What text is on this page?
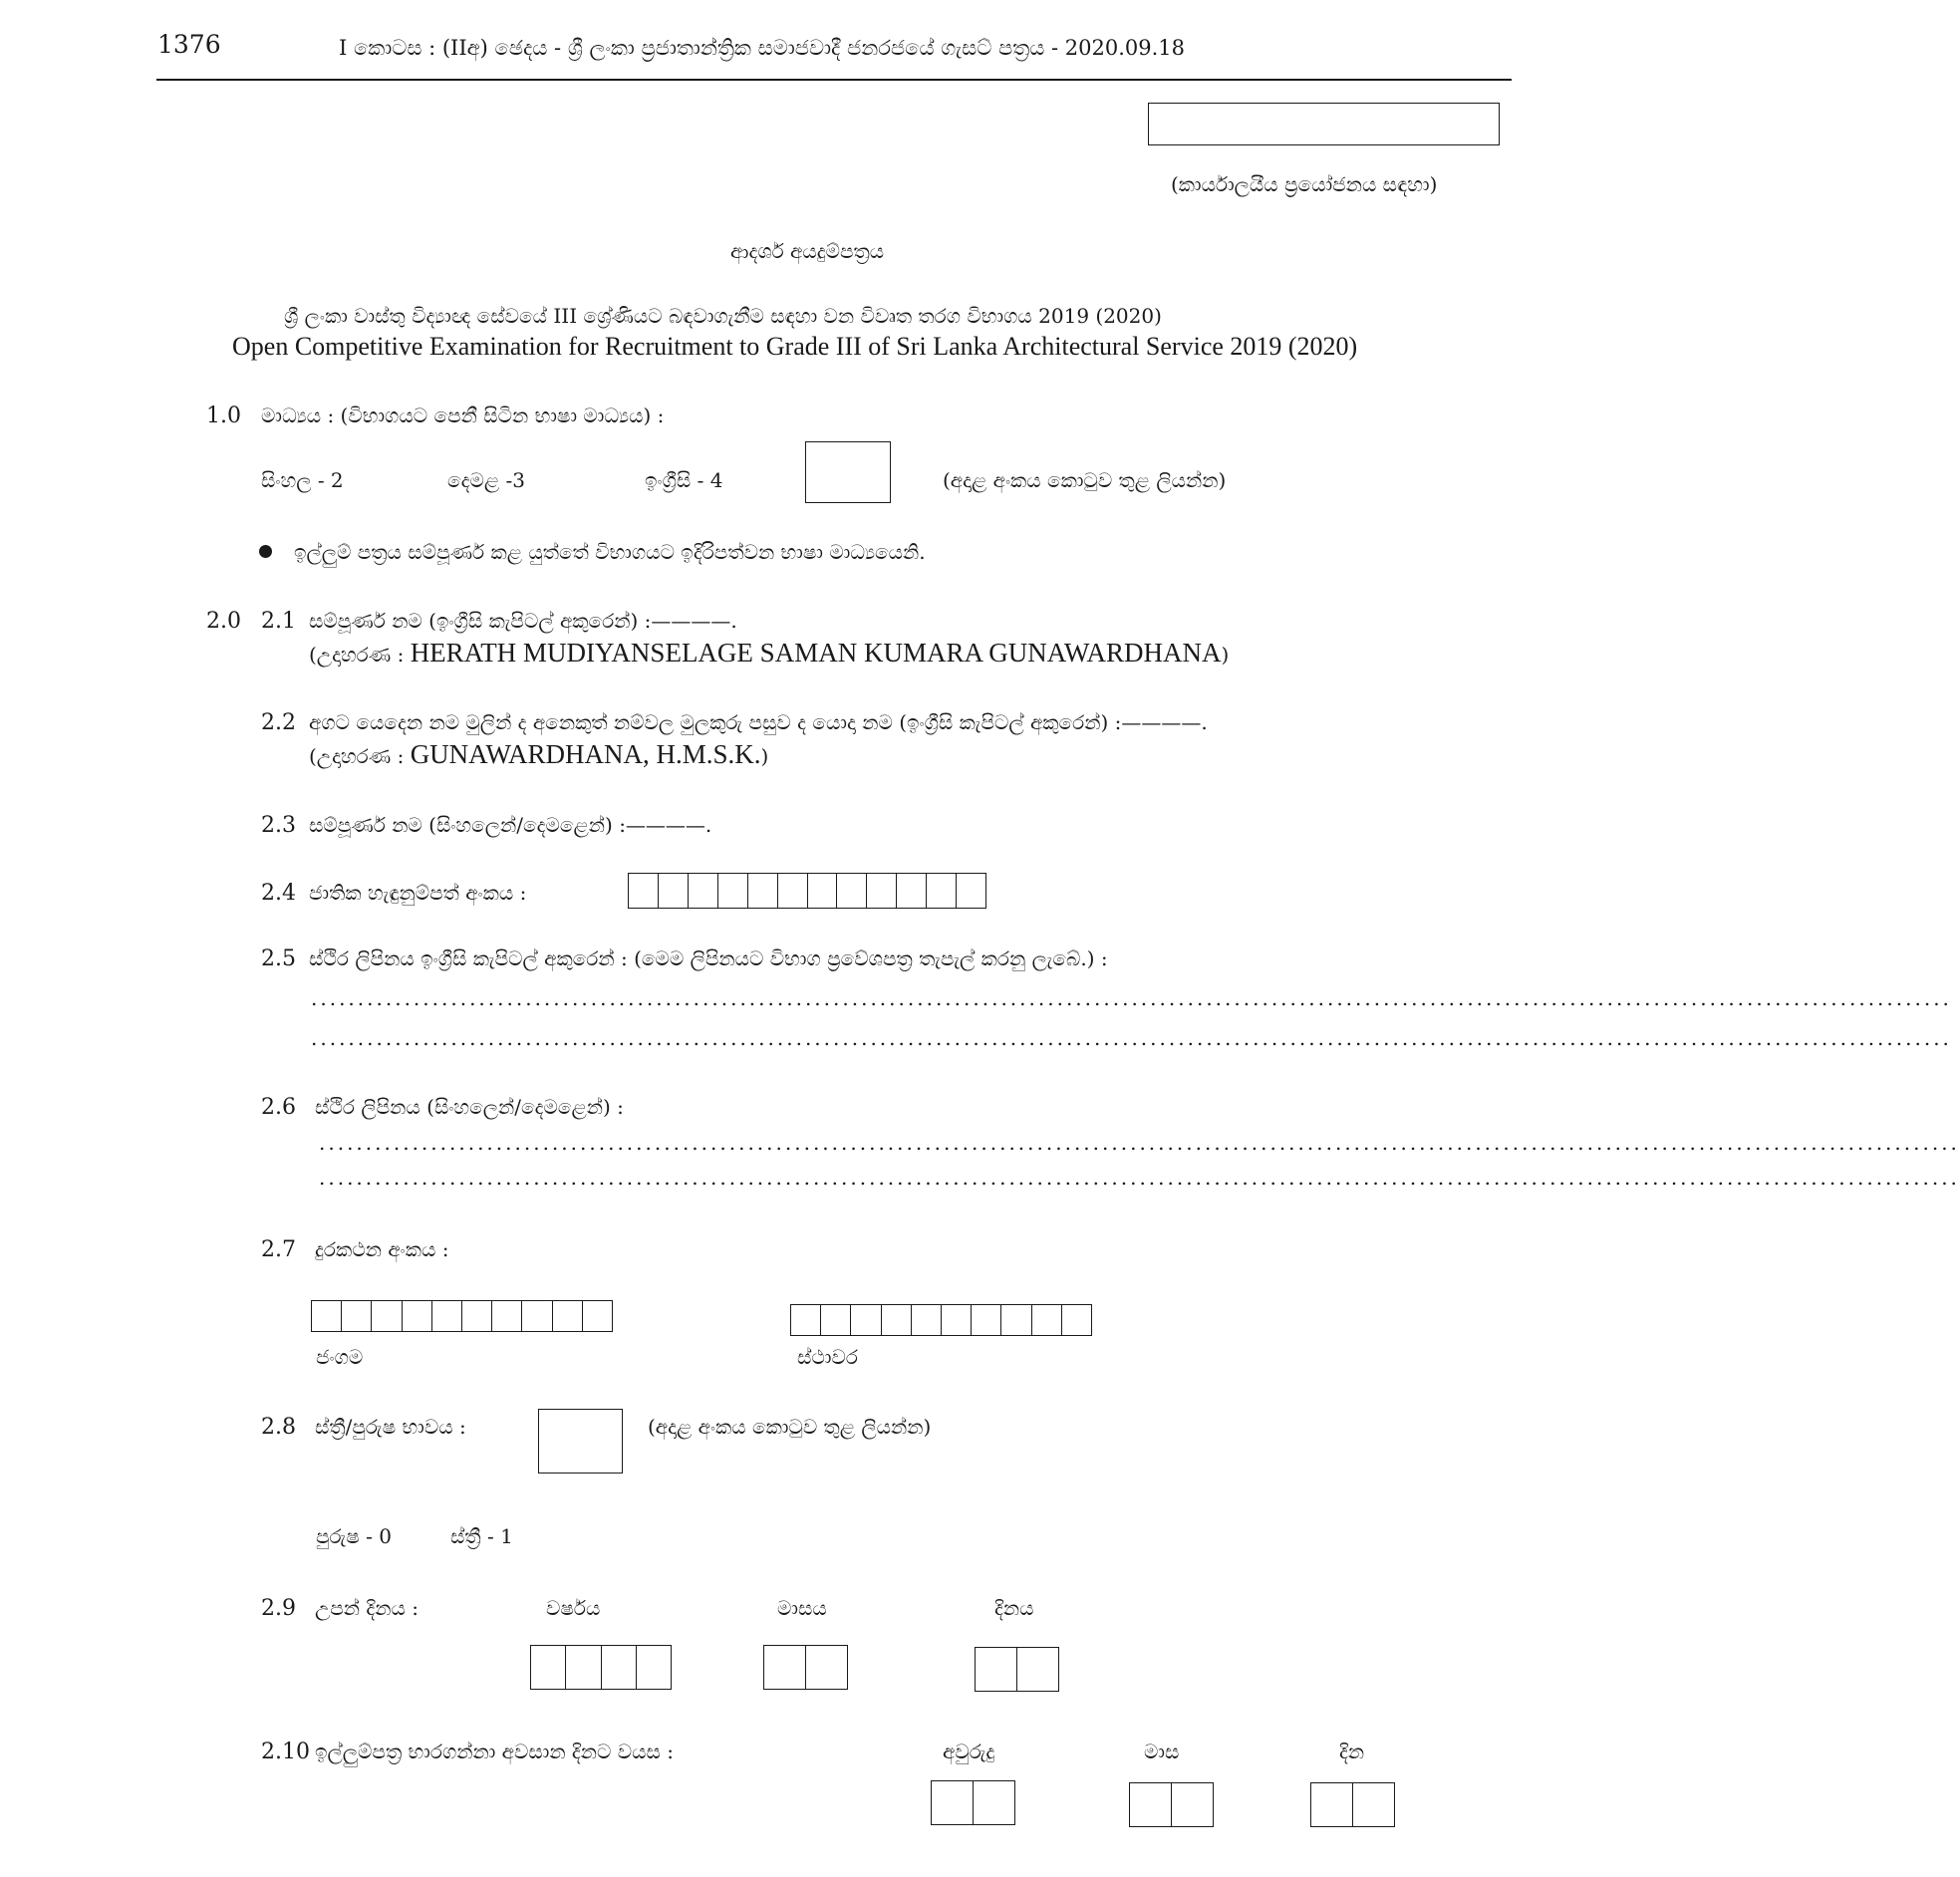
1376	I කොටස : (IIඅ) ඡෙදය - ශ්‍රී ලංකා ප්‍රජාතාන්ත්‍රික සමාජවාදී ජනරජයේ ගැසට් පත්‍රය - 2020.09.18
(කාර්යාලයීය ප්‍රයෝජනය සඳහා)
ආදර්ශ අයදුම්පත්‍රය
ශ්‍රී ලංකා වාස්තු විද්‍යාඥ සේවයේ III ශ්‍රේණියට බඳවාගැනීම සඳහා වන විවෘත තරග විභාගය 2019 (2020)
Open Competitive Examination for Recruitment to Grade III of Sri Lanka Architectural Service 2019 (2020)
1.0 මාධ්‍යය : (විභාගයට පෙනී සිටින භාෂා මාධ්‍යය) :
සිංහල - 2	දෙමළ -3	ඉංග්‍රීසි - 4	(අදාළ අංකය කොටුව තුළ ලියන්න)
ඉල්ලුම් පත්‍රය සම්පූර්ණ කළ යුත්තේ විභාගයට ඉදිරිපත්වන භාෂා මාධ්‍යයෙනි.
2.0 2.1 සම්පූර්ණ නම (ඉංග්‍රීසි කැපිටල් අකුරෙන්) :————.
(උදාහරණ : HERATH MUDIYANSELAGE SAMAN KUMARA GUNAWARDHANA)
2.2 අගට යෙදෙන නම මුලින් ද අනෙකුත් නම්වල මුලකුරු පසුව ද යොදා නම (ඉංග්‍රීසි කැපිටල් අකුරෙන්) :————.
(උදාහරණ : GUNAWARDHANA, H.M.S.K.)
2.3 සම්පූර්ණ නම (සිංහලෙන්/දෙමළෙන්) :————.
2.4 ජාතික හැඳුනුම්පත් අංකය :
2.5 ස්ථිර ලිපිනය ඉංග්‍රීසි කැපිටල් අකුරෙන් : (මෙම ලිපිනයට විභාග ප්‍රවේශපත්‍ර තැපැල් කරනු ලැබේ.) :
................................................................................................................................................................................
................................................................................................................................................................................
2.6 ස්ථිර ලිපිනය (සිංහලෙන්/දෙමළෙන්) :
................................................................................................................................................................................
................................................................................................................................................................................
2.7 දුරකථන අංකය :
ජංගම	ස්ථාවර
2.8 ස්ත්‍රී/පුරුෂ භාවය :	(අදාළ අංකය කොටුව තුළ ලියන්න)
පුරුෂ - 0	ස්ත්‍රී - 1
2.9 උපන් දිනය :	වර්ෂය	මාසය	දිනය
2.10 ඉල්ලුම්පත්‍ර භාරගන්නා අවසාන දිනට වයස :	අවුරුදු	මාස	දින
